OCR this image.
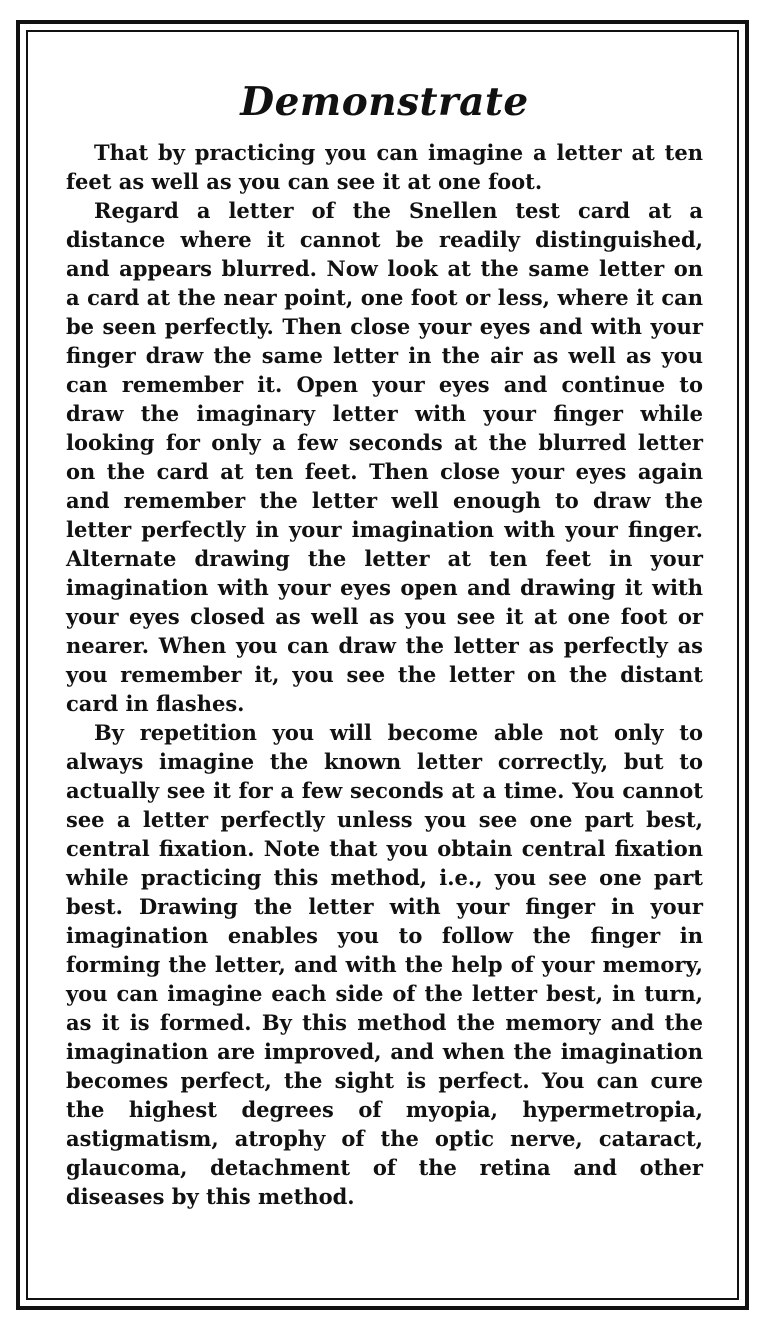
Demonstrate

That by practicing you can imagine a letter at ten feet as well as you can see it at one foot.

Regard a letter of the Snellen test card at a distance where it cannot be readily distinguished, and appears blurred. Now look at the same letter on a card at the near point, one foot or less, where it can be seen perfectly. Then close your eyes and with your finger draw the same letter in the air as well as you can remember it. Open your eyes and continue to draw the imaginary letter with your finger while looking for only a few seconds at the blurred letter on the card at ten feet. Then close your eyes again and remember the letter well enough to draw the letter perfectly in your imagination with your finger. Alternate drawing the letter at ten feet in your imagination with your eyes open and drawing it with your eyes closed as well as you see it at one foot or nearer. When you can draw the letter as perfectly as you remember it, you see the letter on the distant card in flashes.

By repetition you will become able not only to always imagine the known letter correctly, but to actually see it for a few seconds at a time. You cannot see a letter perfectly unless you see one part best, central fixation. Note that you obtain central fixation while practicing this method, i.e., you see one part best. Drawing the letter with your finger in your imagination enables you to follow the finger in forming the letter, and with the help of your memory, you can imagine each side of the letter best, in turn, as it is formed. By this method the memory and the imagination are improved, and when the imagination becomes perfect, the sight is perfect. You can cure the highest degrees of myopia, hypermetropia, astigmatism, atrophy of the optic nerve, cataract, glaucoma, detachment of the retina and other diseases by this method.
